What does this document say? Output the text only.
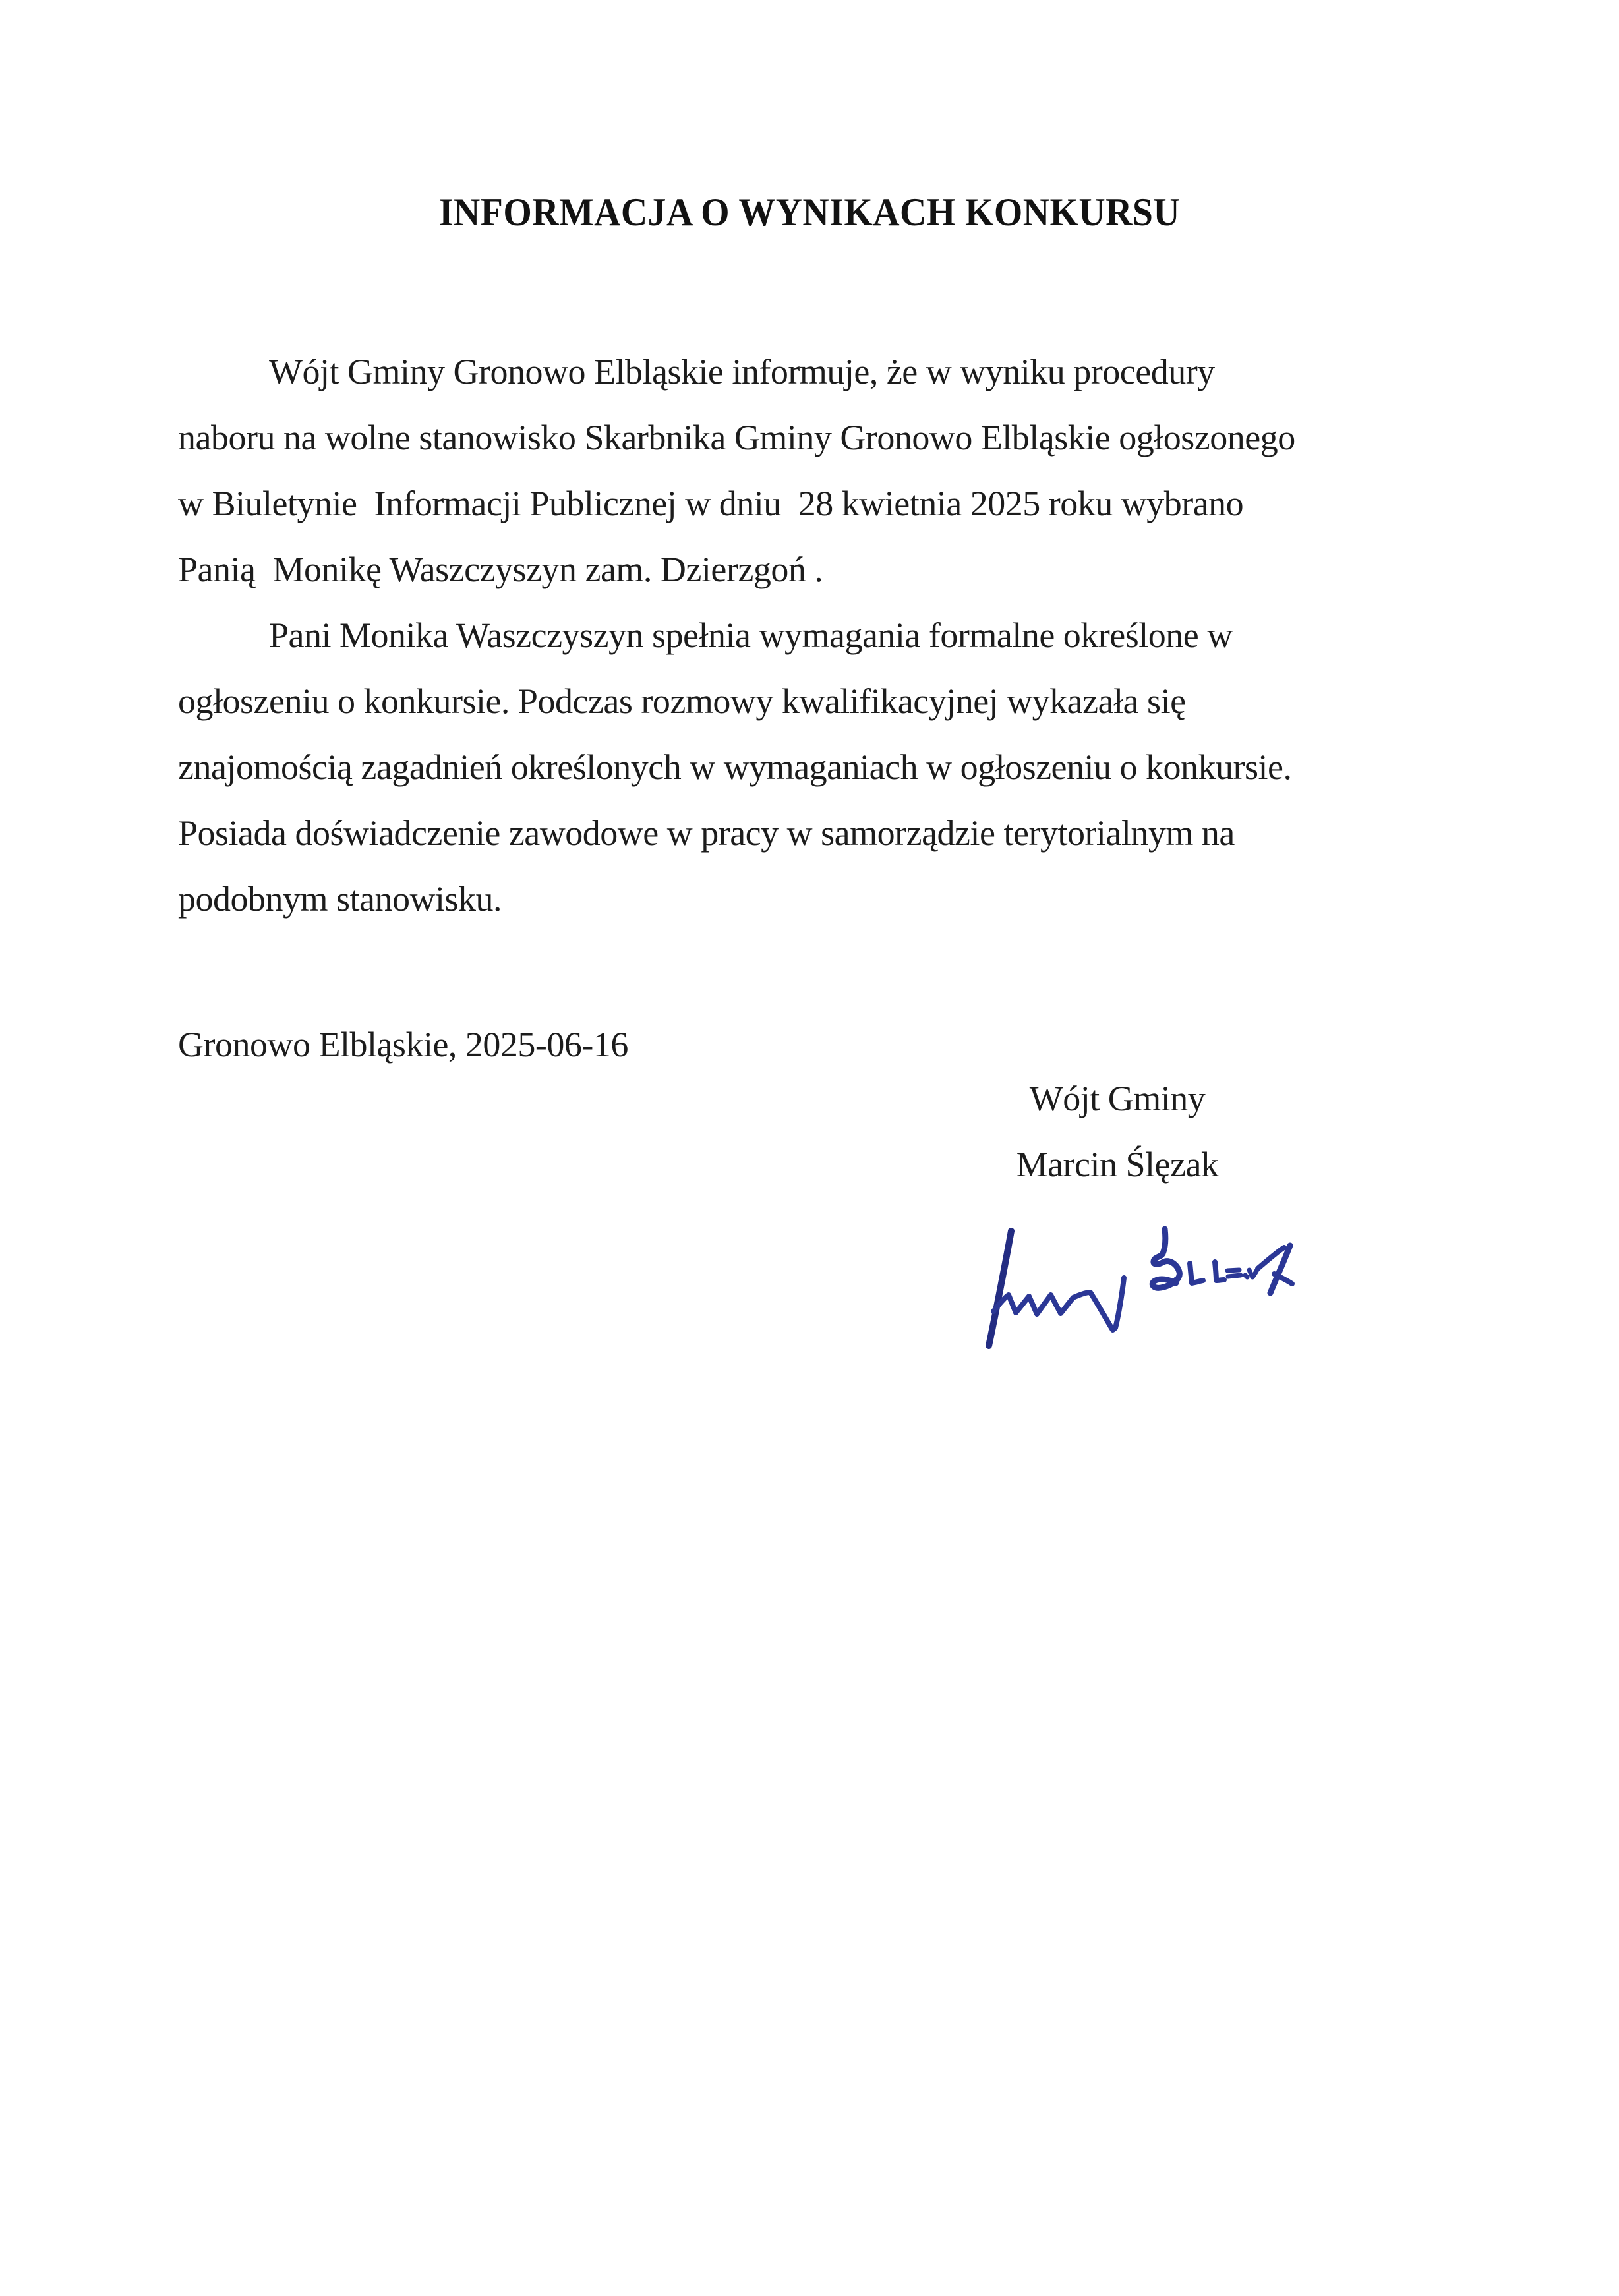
INFORMACJA O WYNIKACH KONKURSU
Wójt Gminy Gronowo Elbląskie informuje, że w wyniku procedury
naboru na wolne stanowisko Skarbnika Gminy Gronowo Elbląskie ogłoszonego
w Biuletynie  Informacji Publicznej w dniu  28 kwietnia 2025 roku wybrano
Panią  Monikę Waszczyszyn zam. Dzierzgoń .
Pani Monika Waszczyszyn spełnia wymagania formalne określone w
ogłoszeniu o konkursie. Podczas rozmowy kwalifikacyjnej wykazała się
znajomością zagadnień określonych w wymaganiach w ogłoszeniu o konkursie.
Posiada doświadczenie zawodowe w pracy w samorządzie terytorialnym na
podobnym stanowisku.
Gronowo Elbląskie, 2025-06-16
Wójt Gminy
Marcin Ślęzak
